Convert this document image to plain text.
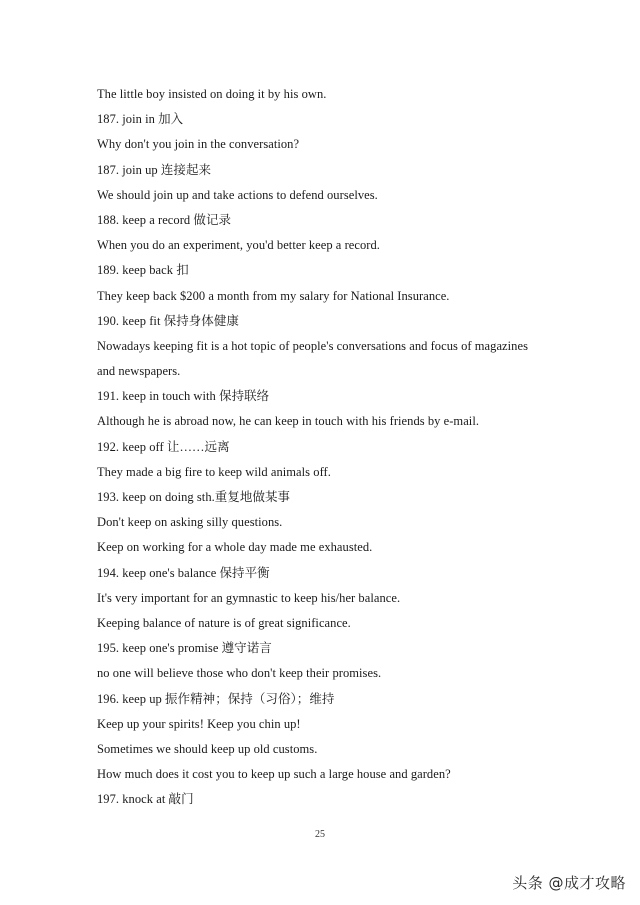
The little boy insisted on doing it by his own.
187. join in 加入
Why don't you join in the conversation?
187. join up 连接起来
We should join up and take actions to defend ourselves.
188. keep a record 做记录
When you do an experiment, you'd better keep a record.
189. keep back 扣
They keep back $200 a month from my salary for National Insurance.
190. keep fit 保持身体健康
Nowadays keeping fit is a hot topic of people's conversations and focus of magazines
and newspapers.
191. keep in touch with 保持联络
Although he is abroad now, he can keep in touch with his friends by e-mail.
192. keep off 让……远离
They made a big fire to keep wild animals off.
193. keep on doing sth.重复地做某事
Don't keep on asking silly questions.
Keep on working for a whole day made me exhausted.
194. keep one's balance 保持平衡
It's very important for an gymnastic to keep his/her balance.
Keeping balance of nature is of great significance.
195. keep one's promise 遵守诺言
no one will believe those who don't keep their promises.
196. keep up 振作精神；保持（习俗）；维持
Keep up your spirits! Keep you chin up!
Sometimes we should keep up old customs.
How much does it cost you to keep up such a large house and garden?
197. knock at 敲门
25
头条 @成才攻略
